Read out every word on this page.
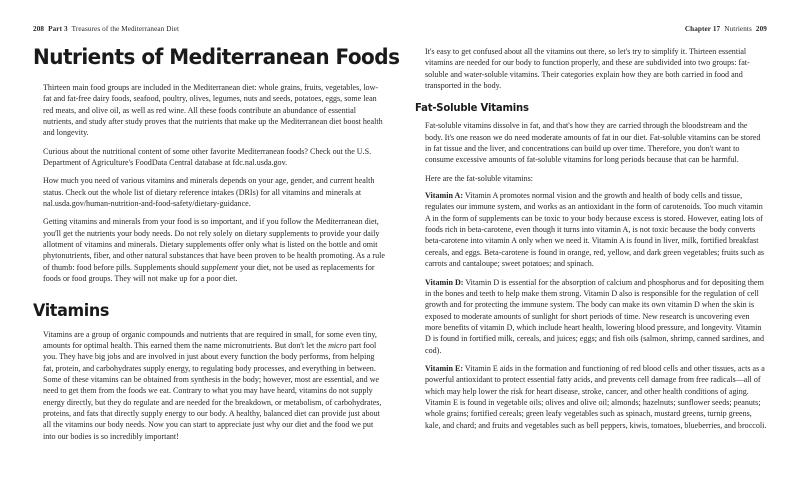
208 Part 3 Treasures of the Mediterranean Diet	Chapter 17 Nutrients 209
Nutrients of Mediterranean Foods

Thirteen main food groups are included in the Mediterranean diet: whole grains, fruits, vegetables, low-fat and fat-free dairy foods, seafood, poultry, olives, legumes, nuts and seeds, potatoes, eggs, some lean red meats, and olive oil, as well as red wine. All these foods contribute an abundance of essential nutrients, and study after study proves that the nutrients that make up the Mediterranean diet boost health and longevity.

Curious about the nutritional content of some other favorite Mediterranean foods? Check out the U.S. Department of Agriculture's FoodData Central database at fdc.nal.usda.gov.

How much you need of various vitamins and minerals depends on your age, gender, and current health status. Check out the whole list of dietary reference intakes (DRIs) for all vitamins and minerals at nal.usda.gov/human-nutrition-and-food-safety/dietary-guidance.

Getting vitamins and minerals from your food is so important, and if you follow the Mediterranean diet, you'll get the nutrients your body needs. Do not rely solely on dietary supplements to provide your daily allotment of vitamins and minerals. Dietary supplements offer only what is listed on the bottle and omit phytonutrients, fiber, and other natural substances that have been proven to be health promoting. As a rule of thumb: food before pills. Supplements should supplement your diet, not be used as replacements for foods or food groups. They will not make up for a poor diet.

Vitamins

Vitamins are a group of organic compounds and nutrients that are required in small, for some even tiny, amounts for optimal health. This earned them the name micronutrients. But don't let the micro part fool you. They have big jobs and are involved in just about every function the body performs, from helping fat, protein, and carbohydrates supply energy, to regulating body processes, and everything in between. Some of these vitamins can be obtained from synthesis in the body; however, most are essential, and we need to get them from the foods we eat. Contrary to what you may have heard, vitamins do not supply energy directly, but they do regulate and are needed for the breakdown, or metabolism, of carbohydrates, proteins, and fats that directly supply energy to our body. A healthy, balanced diet can provide just about all the vitamins our body needs. Now you can start to appreciate just why our diet and the food we put into our bodies is so incredibly important!

It's easy to get confused about all the vitamins out there, so let's try to simplify it. Thirteen essential vitamins are needed for our body to function properly, and these are subdivided into two groups: fat-soluble and water-soluble vitamins. Their categories explain how they are both carried in food and transported in the body.

Fat-Soluble Vitamins

Fat-soluble vitamins dissolve in fat, and that's how they are carried through the bloodstream and the body. It's one reason we do need moderate amounts of fat in our diet. Fat-soluble vitamins can be stored in fat tissue and the liver, and concentrations can build up over time. Therefore, you don't want to consume excessive amounts of fat-soluble vitamins for long periods because that can be harmful.

Here are the fat-soluble vitamins:

Vitamin A: Vitamin A promotes normal vision and the growth and health of body cells and tissue, regulates our immune system, and works as an antioxidant in the form of carotenoids. Too much vitamin A in the form of supplements can be toxic to your body because excess is stored. However, eating lots of foods rich in beta-carotene, even though it turns into vitamin A, is not toxic because the body converts beta-carotene into vitamin A only when we need it. Vitamin A is found in liver, milk, fortified breakfast cereals, and eggs. Beta-carotene is found in orange, red, yellow, and dark green vegetables; fruits such as carrots and cantaloupe; sweet potatoes; and spinach.

Vitamin D: Vitamin D is essential for the absorption of calcium and phosphorus and for depositing them in the bones and teeth to help make them strong. Vitamin D also is responsible for the regulation of cell growth and for protecting the immune system. The body can make its own vitamin D when the skin is exposed to moderate amounts of sunlight for short periods of time. New research is uncovering even more benefits of vitamin D, which include heart health, lowering blood pressure, and longevity. Vitamin D is found in fortified milk, cereals, and juices; eggs; and fish oils (salmon, shrimp, canned sardines, and cod).

Vitamin E: Vitamin E aids in the formation and functioning of red blood cells and other tissues, acts as a powerful antioxidant to protect essential fatty acids, and prevents cell damage from free radicals—all of which may help lower the risk for heart disease, stroke, cancer, and other health conditions of aging. Vitamin E is found in vegetable oils; olives and olive oil; almonds; hazelnuts; sunflower seeds; peanuts; whole grains; fortified cereals; green leafy vegetables such as spinach, mustard greens, turnip greens, kale, and chard; and fruits and vegetables such as bell peppers, kiwis, tomatoes, blueberries, and broccoli.
